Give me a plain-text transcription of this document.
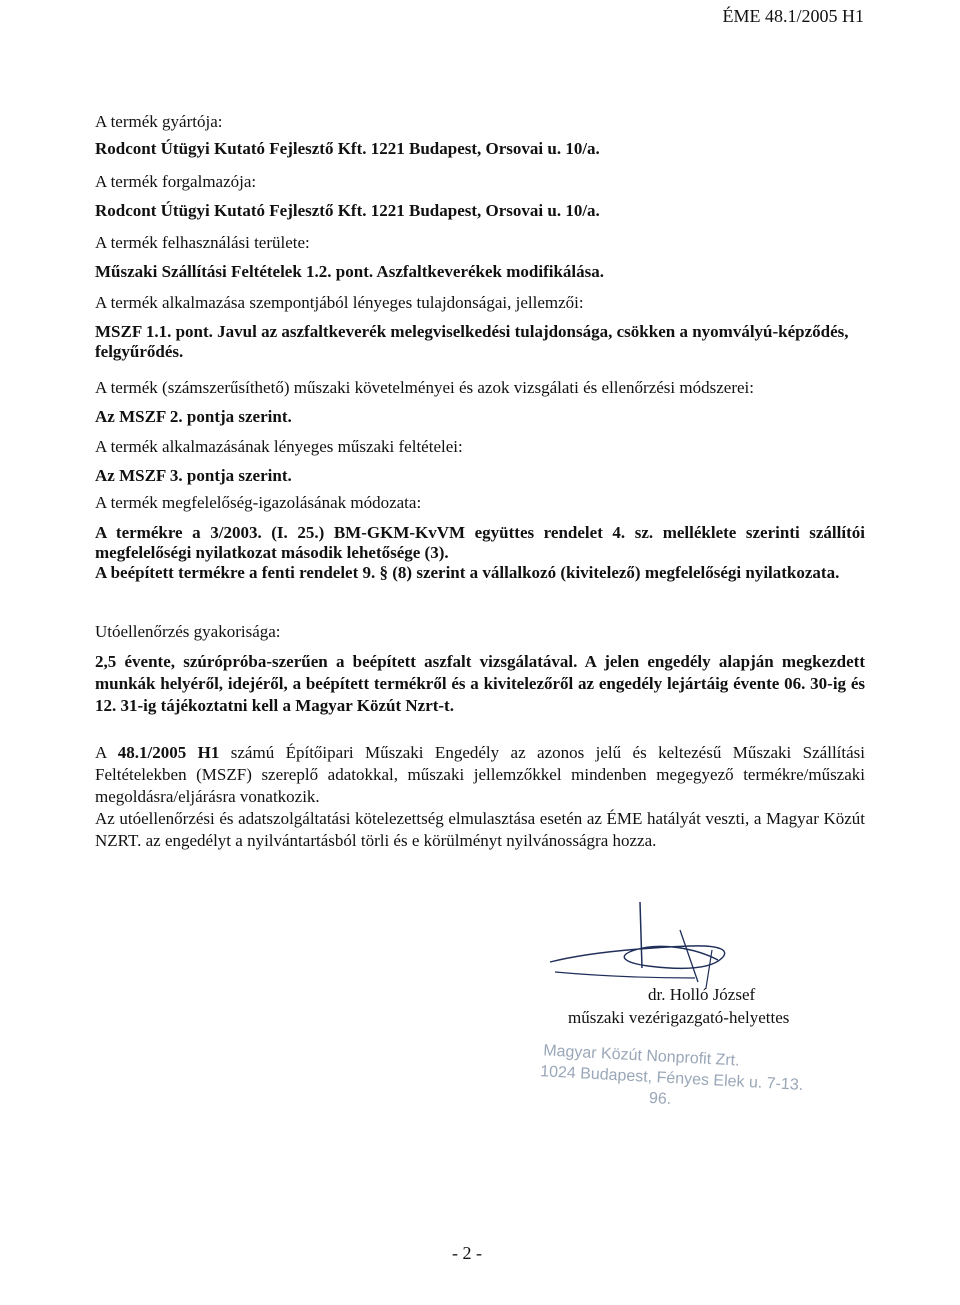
ÉME 48.1/2005 H1
A termék gyártója:
Rodcont Útügyi Kutató Fejlesztő Kft. 1221 Budapest, Orsovai u. 10/a.
A termék forgalmazója:
Rodcont Útügyi Kutató Fejlesztő Kft. 1221 Budapest, Orsovai u. 10/a.
A termék felhasználási területe:
Műszaki Szállítási Feltételek 1.2. pont. Aszfaltkeverékek modifikálása.
A termék alkalmazása szempontjából lényeges tulajdonságai, jellemzői:
MSZF 1.1. pont. Javul az aszfaltkeverék melegviselkedési tulajdonsága, csökken a nyomvályú-képződés, felgyűrődés.
A termék (számszerűsíthető) műszaki követelményei és azok vizsgálati és ellenőrzési módszerei:
Az MSZF 2. pontja szerint.
A termék alkalmazásának lényeges műszaki feltételei:
Az MSZF 3. pontja szerint.
A termék megfelelőség-igazolásának módozata:
A termékre a 3/2003. (I. 25.) BM-GKM-KvVM együttes rendelet 4. sz. melléklete szerinti szállítói megfelelőségi nyilatkozat második lehetősége (3).
A beépített termékre a fenti rendelet 9. § (8) szerint a vállalkozó (kivitelező) megfelelőségi nyilatkozata.
Utóellenőrzés gyakorisága:
2,5 évente, szúrópróba-szerűen a beépített aszfalt vizsgálatával. A jelen engedély alapján megkezdett munkák helyéről, idejéről, a beépített termékről és a kivitelezőről az engedély lejártáig évente 06. 30-ig és 12. 31-ig tájékoztatni kell a Magyar Közút Nzrt-t.
A 48.1/2005 H1 számú Építőipari Műszaki Engedély az azonos jelű és keltezésű Műszaki Szállítási Feltételekben (MSZF) szereplő adatokkal, műszaki jellemzőkkel mindenben megegyező termékre/műszaki megoldásra/eljárásra vonatkozik.
Az utóellenőrzési és adatszolgáltatási kötelezettség elmulasztása esetén az ÉME hatályát veszti, a Magyar Közút NZRT. az engedélyt a nyilvántartásból törli és e körülményt nyilvánosságra hozza.
dr. Holló József
műszaki vezérigazgató-helyettes
Magyar Közút Nonprofit Zrt.
1024 Budapest, Fényes Elek u. 7-13.
96.
- 2 -
